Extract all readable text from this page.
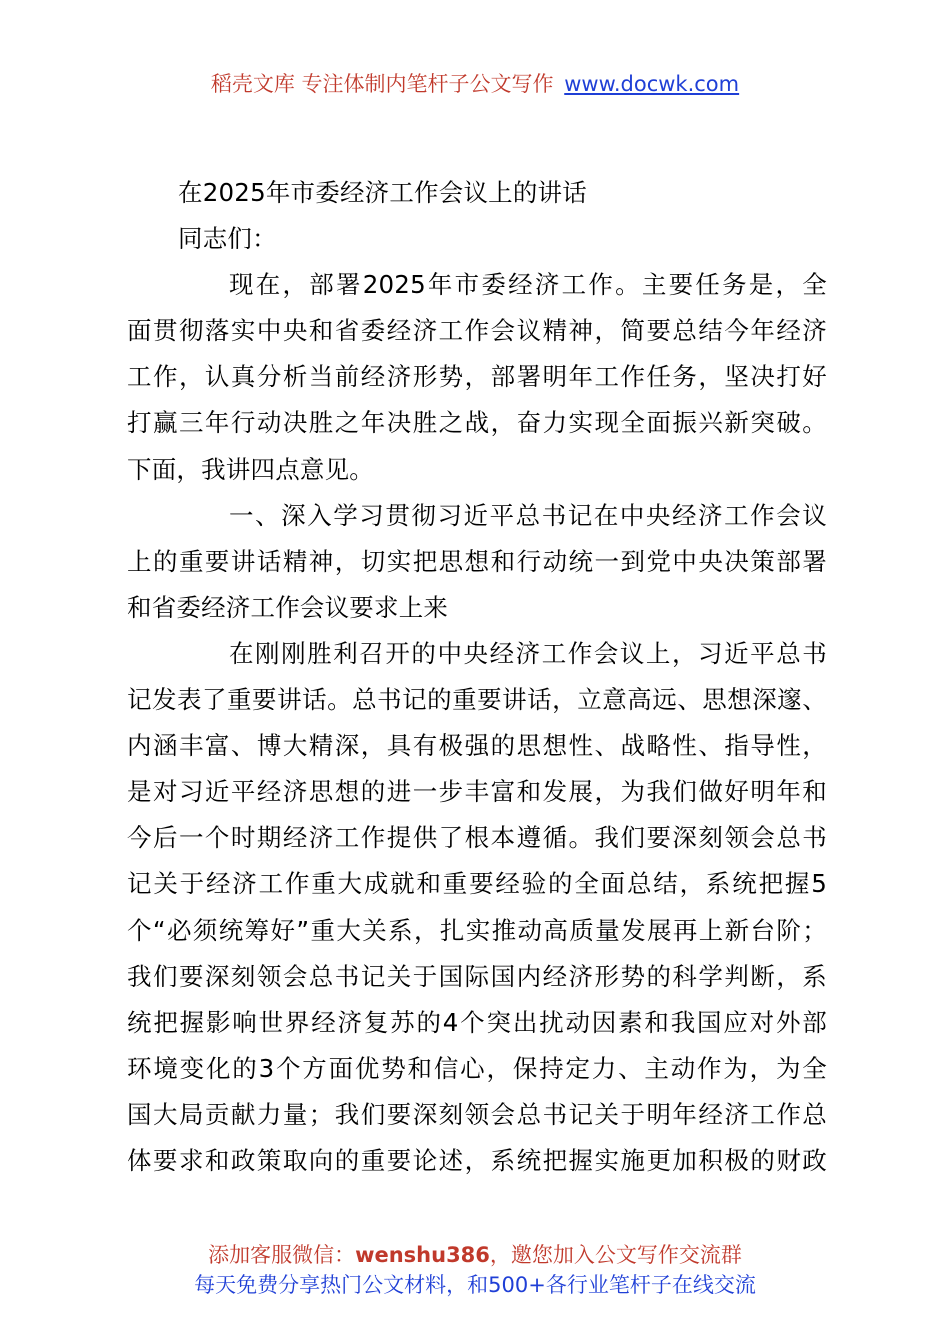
稻壳文库 专注体制内笔杆子公文写作 www.docwk.com
在2025年市委经济工作会议上的讲话
同志们：
现在，部署2025年市委经济工作。主要任务是，全
面贯彻落实中央和省委经济工作会议精神，简要总结今年经济
工作，认真分析当前经济形势，部署明年工作任务，坚决打好
打赢三年行动决胜之年决胜之战，奋力实现全面振兴新突破。
下面，我讲四点意见。
一、深入学习贯彻习近平总书记在中央经济工作会议
上的重要讲话精神，切实把思想和行动统一到党中央决策部署
和省委经济工作会议要求上来
在刚刚胜利召开的中央经济工作会议上，习近平总书
记发表了重要讲话。总书记的重要讲话，立意高远、思想深邃、
内涵丰富、博大精深，具有极强的思想性、战略性、指导性，
是对习近平经济思想的进一步丰富和发展，为我们做好明年和
今后一个时期经济工作提供了根本遵循。我们要深刻领会总书
记关于经济工作重大成就和重要经验的全面总结，系统把握5
个“必须统筹好”重大关系，扎实推动高质量发展再上新台阶；
我们要深刻领会总书记关于国际国内经济形势的科学判断，系
统把握影响世界经济复苏的4个突出扰动因素和我国应对外部
环境变化的3个方面优势和信心，保持定力、主动作为，为全
国大局贡献力量；我们要深刻领会总书记关于明年经济工作总
体要求和政策取向的重要论述，系统把握实施更加积极的财政
添加客服微信：wenshu386，邀您加入公文写作交流群
每天免费分享热门公文材料，和500+各行业笔杆子在线交流
